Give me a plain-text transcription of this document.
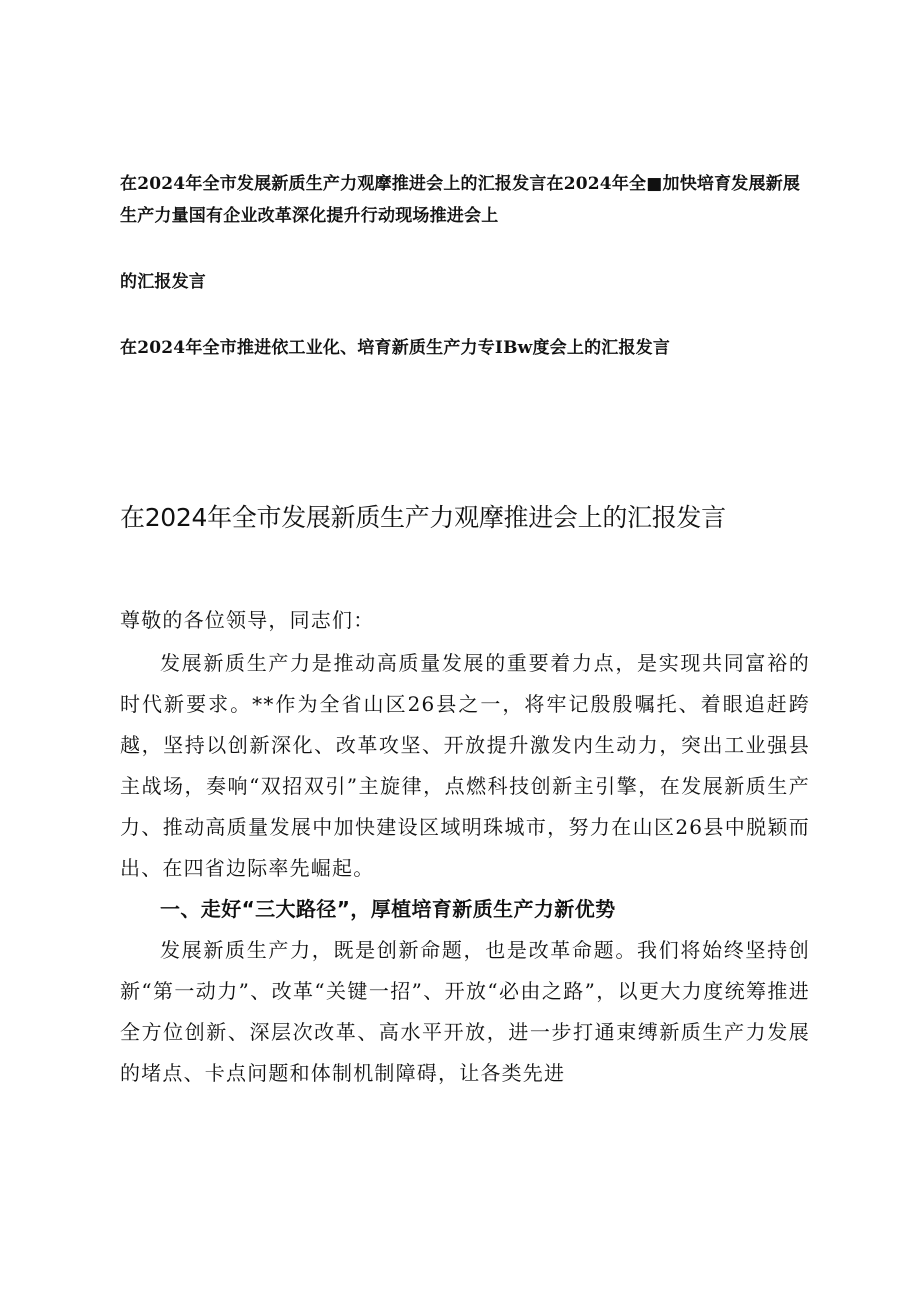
在2024年全市发展新质生产力观摩推进会上的汇报发言在2024年全■加快培育发展新展生产力量国有企业改革深化提升行动现场推进会上

的汇报发言

在2024年全市推进依工业化、培育新质生产力专IBw度会上的汇报发言

在2024年全市发展新质生产力观摩推进会上的汇报发言

尊敬的各位领导，同志们：

发展新质生产力是推动高质量发展的重要着力点，是实现共同富裕的时代新要求。**作为全省山区26县之一，将牢记殷殷嘱托、着眼追赶跨越，坚持以创新深化、改革攻坚、开放提升激发内生动力，突出工业强县主战场，奏响“双招双引”主旋律，点燃科技创新主引擎，在发展新质生产力、推动高质量发展中加快建设区域明珠城市，努力在山区26县中脱颖而出、在四省边际率先崛起。

一、走好“三大路径”，厚植培育新质生产力新优势

发展新质生产力，既是创新命题，也是改革命题。我们将始终坚持创新“第一动力”、改革“关键一招”、开放“必由之路”，以更大力度统筹推进全方位创新、深层次改革、高水平开放，进一步打通束缚新质生产力发展的堵点、卡点问题和体制机制障碍，让各类先进
